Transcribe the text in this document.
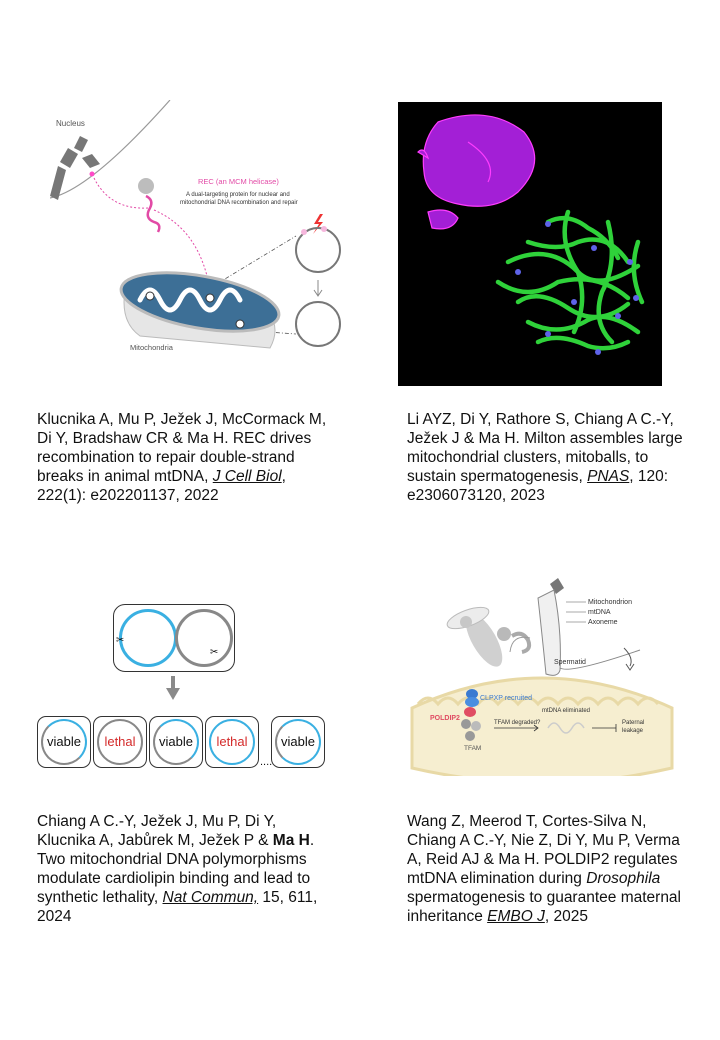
Nucleus
REC (an MCM helicase)
A dual-targeting protein for nuclear and
mitochondrial DNA recombination and repair
Mitochondria
Klucnika A, Mu P, Ježek J, McCormack M, Di Y, Bradshaw CR & Ma H. REC drives recombination to repair double-strand breaks in animal mtDNA, J Cell Biol, 222(1): e202201137, 2022
Li AYZ, Di Y, Rathore S, Chiang A C.-Y, Ježek J & Ma H. Milton assembles large mitochondrial clusters, mitoballs, to sustain spermatogenesis, PNAS, 120: e2306073120, 2023
✂
✂
viable	lethal	viable	lethal
....
viable
Mitochondrion
mtDNA
Axoneme
Spermatid
CLPXP recruited
POLDIP2
TFAM
TFAM degraded?
mtDNA eliminated
Paternal
leakage
Chiang A C.-Y, Ježek J, Mu P, Di Y, Klucnika A, Jabůrek M, Ježek P & Ma H. Two mitochondrial DNA polymorphisms modulate cardiolipin binding and lead to synthetic lethality, Nat Commun, 15, 611, 2024
Wang Z, Meerod T, Cortes-Silva N, Chiang A C.-Y, Nie Z, Di Y, Mu P, Verma A, Reid AJ & Ma H. POLDIP2 regulates mtDNA elimination during Drosophila spermatogenesis to guarantee maternal inheritance EMBO J, 2025
